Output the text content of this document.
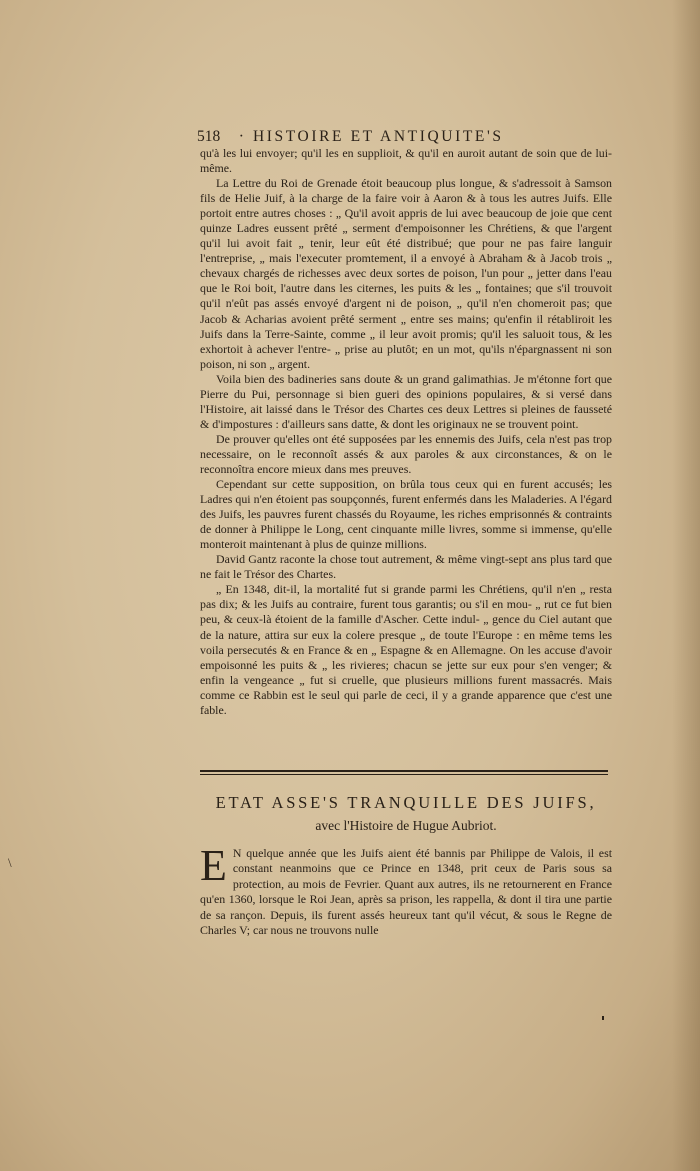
518 · HISTOIRE ET ANTIQUITE'S

qu'à les lui envoyer; qu'il les en supplioit, & qu'il en auroit autant de soin que de lui-même.

La Lettre du Roi de Grenade étoit beaucoup plus longue, & s'adressoit à Samson fils de Helie Juif, à la charge de la faire voir à Aaron & à tous les autres Juifs. Elle portoit entre autres choses : „ Qu'il avoit appris de lui avec beaucoup de joie que cent quinze Ladres eussent prêté „ serment d'empoisonner les Chrétiens, & que l'argent qu'il lui avoit fait „ tenir, leur eût été distribué; que pour ne pas faire languir l'entreprise, „ mais l'executer promtement, il a envoyé à Abraham & à Jacob trois „ chevaux chargés de richesses avec deux sortes de poison, l'un pour „ jetter dans l'eau que le Roi boit, l'autre dans les citernes, les puits & les „ fontaines; que s'il trouvoit qu'il n'eût pas assés envoyé d'argent ni de poison, „ qu'il n'en chomeroit pas; que Jacob & Acharias avoient prêté serment „ entre ses mains; qu'enfin il rétabliroit les Juifs dans la Terre-Sainte, comme „ il leur avoit promis; qu'il les saluoit tous, & les exhortoit à achever l'entre- „ prise au plutôt; en un mot, qu'ils n'épargnassent ni son poison, ni son „ argent.

Voila bien des badineries sans doute & un grand galimathias. Je m'étonne fort que Pierre du Pui, personnage si bien gueri des opinions populaires, & si versé dans l'Histoire, ait laissé dans le Trésor des Chartes ces deux Lettres si pleines de fausseté & d'impostures : d'ailleurs sans datte, & dont les originaux ne se trouvent point.

De prouver qu'elles ont été supposées par les ennemis des Juifs, cela n'est pas trop necessaire, on le reconnoît assés & aux paroles & aux circonstances, & on le reconnoîtra encore mieux dans mes preuves.

Cependant sur cette supposition, on brûla tous ceux qui en furent accusés; les Ladres qui n'en étoient pas soupçonnés, furent enfermés dans les Maladeries. A l'égard des Juifs, les pauvres furent chassés du Royaume, les riches emprisonnés & contraints de donner à Philippe le Long, cent cinquante mille livres, somme si immense, qu'elle monteroit maintenant à plus de quinze millions.

David Gantz raconte la chose tout autrement, & même vingt-sept ans plus tard que ne fait le Trésor des Chartes.

„ En 1348, dit-il, la mortalité fut si grande parmi les Chrétiens, qu'il n'en „ resta pas dix; & les Juifs au contraire, furent tous garantis; ou s'il en mou- „ rut ce fut bien peu, & ceux-là étoient de la famille d'Ascher. Cette indul- „ gence du Ciel autant que de la nature, attira sur eux la colere presque „ de toute l'Europe : en même tems les voila persecutés & en France & en „ Espagne & en Allemagne. On les accuse d'avoir empoisonné les puits & „ les rivieres; chacun se jette sur eux pour s'en venger; & enfin la vengeance „ fut si cruelle, que plusieurs millions furent massacrés. Mais comme ce Rabbin est le seul qui parle de ceci, il y a grande apparence que c'est une fable.

ETAT ASSE'S TRANQUILLE DES JUIFS,
avec l'Histoire de Hugue Aubriot.
E N quelque année que les Juifs aient été bannis par Philippe de Valois, il est constant neanmoins que ce Prince en 1348, prit ceux de Paris sous sa protection, au mois de Fevrier. Quant aux autres, ils ne retournerent en France qu'en 1360, lorsque le Roi Jean, après sa prison, les rappella, & dont il tira une partie de sa rançon. Depuis, ils furent assés heureux tant qu'il vécut, & sous le Regne de Charles V; car nous ne trouvons nulle
\
